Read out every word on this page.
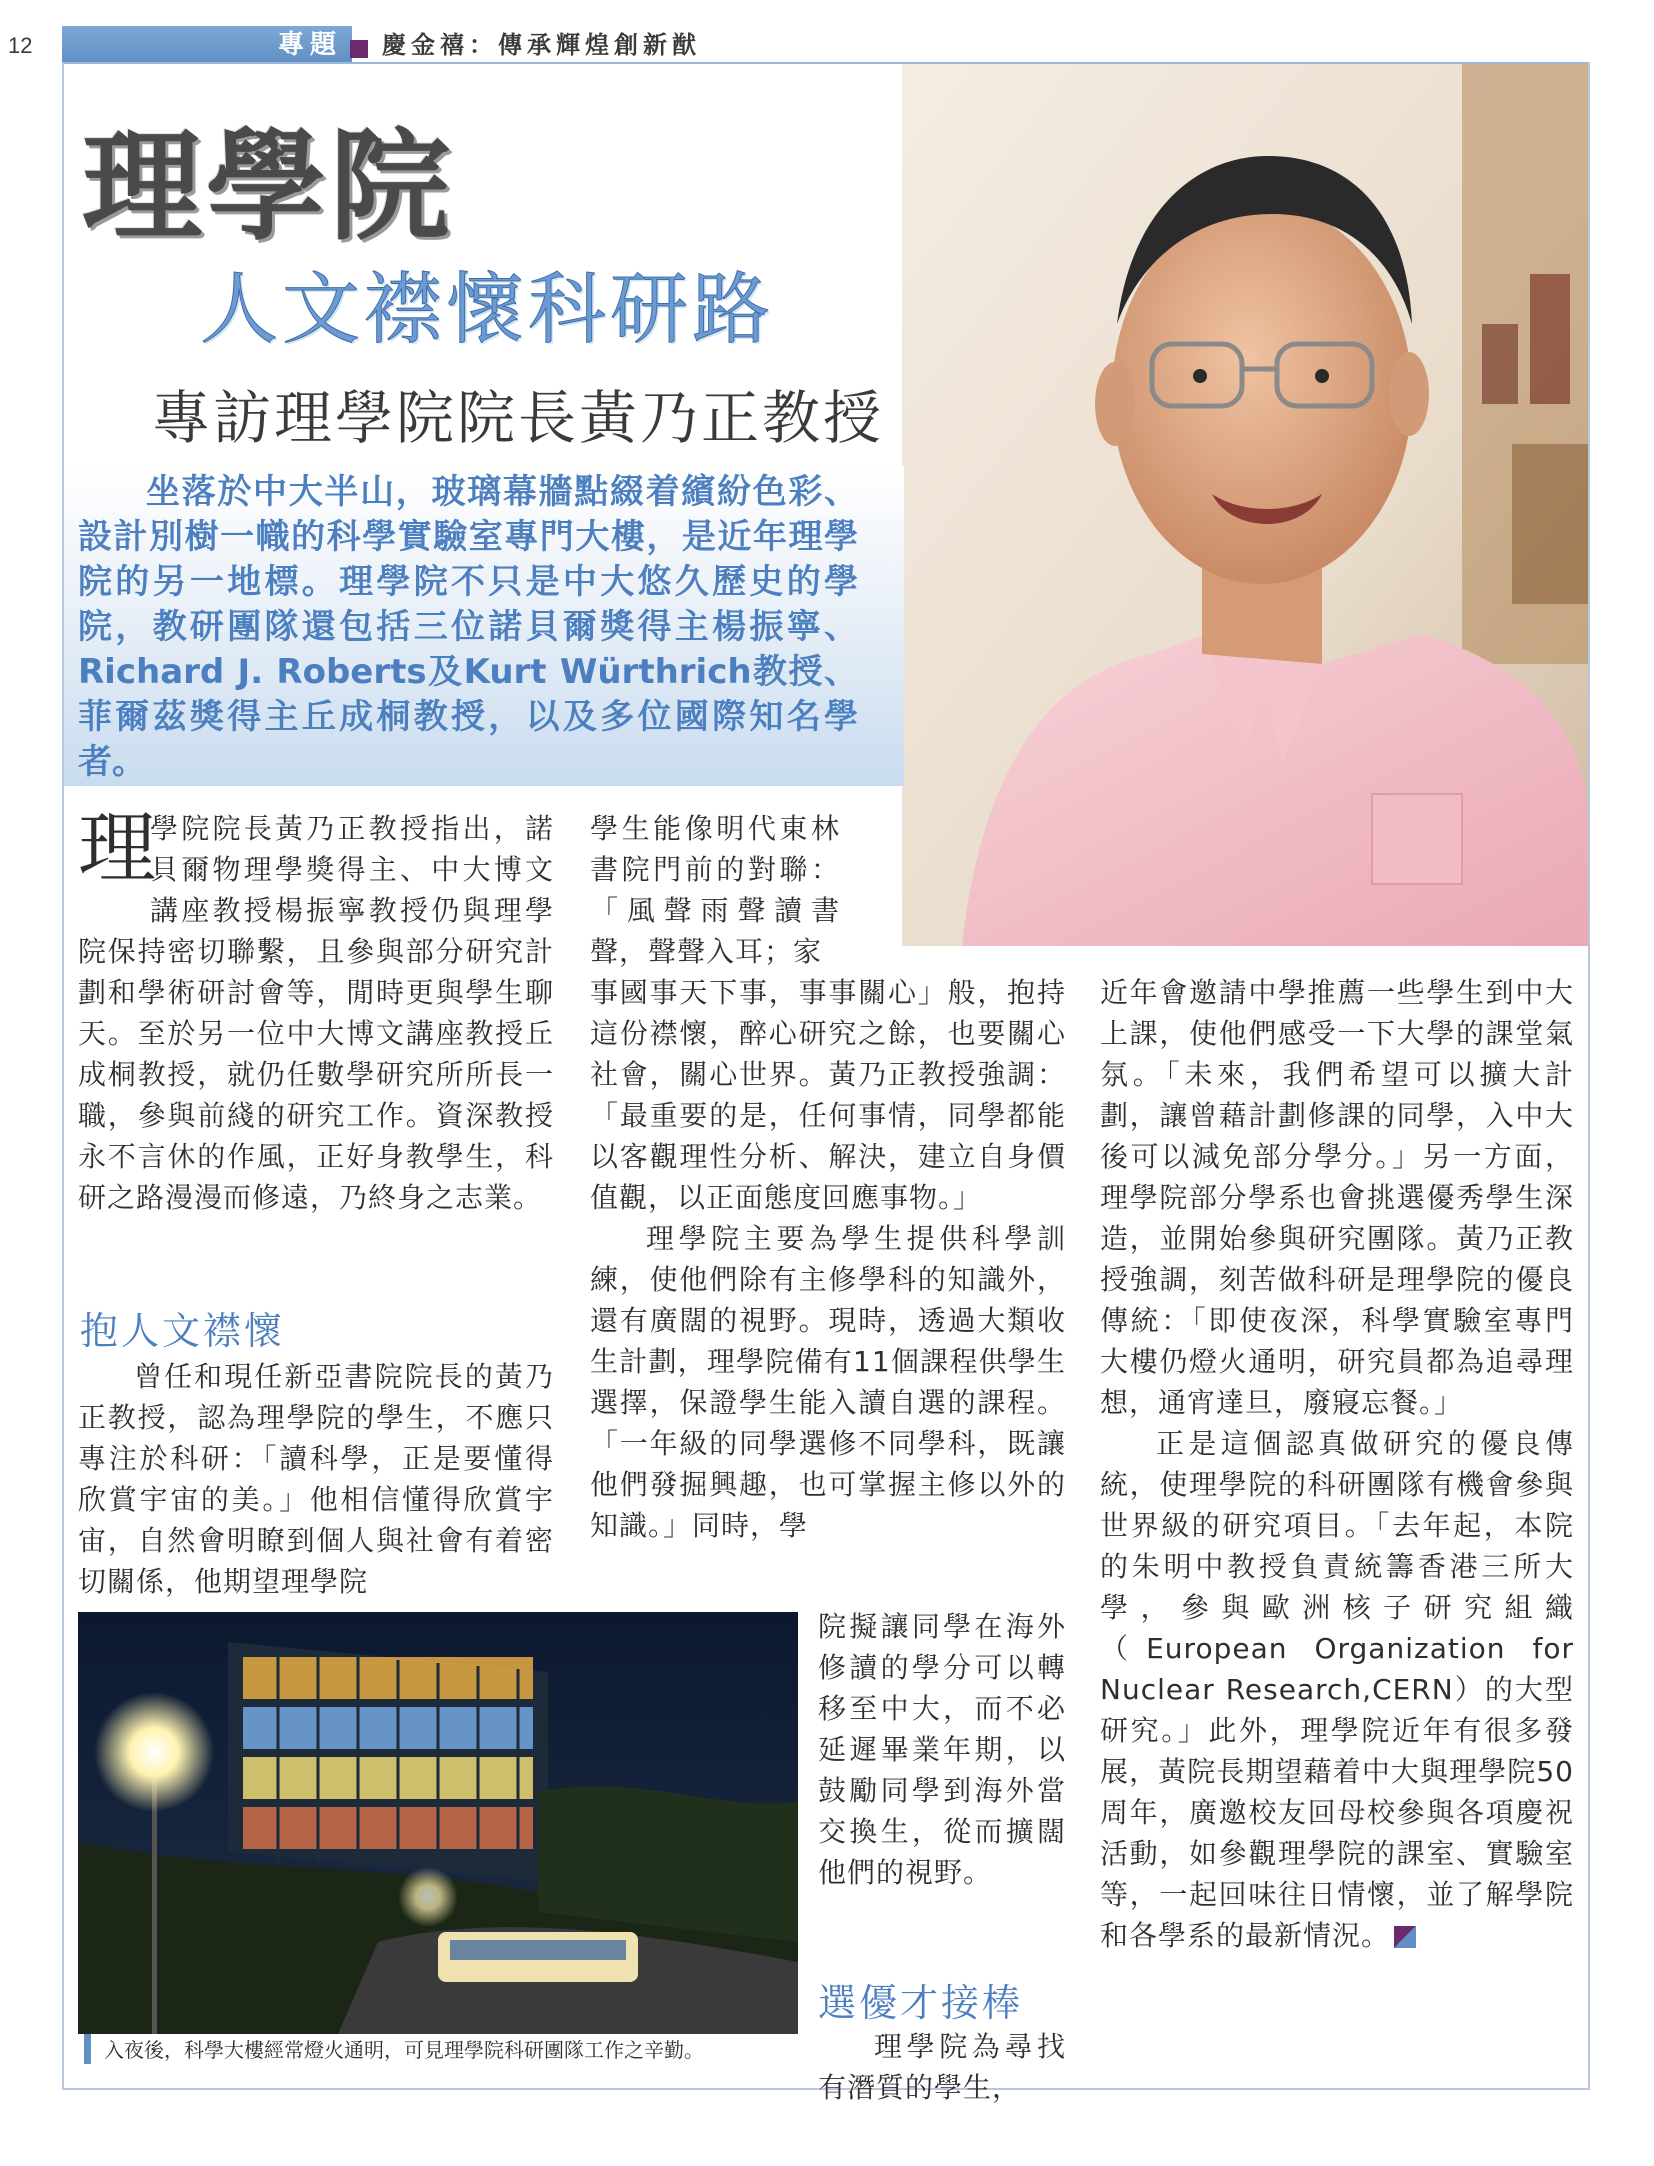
12	專題 慶金禧：傳承輝煌創新猷
理學院
人文襟懷科研路
專訪理學院院長黃乃正教授
坐落於中大半山，玻璃幕牆點綴着繽紛色彩、設計別樹一幟的科學實驗室專門大樓，是近年理學院的另一地標。理學院不只是中大悠久歷史的學院，教研團隊還包括三位諾貝爾獎得主楊振寧、Richard J. Roberts及Kurt Würthrich教授、菲爾茲獎得主丘成桐教授，以及多位國際知名學者。
理
學院院長黃乃正教授指出，諾貝爾物理學獎得主、中大博文講座教授楊振寧教授仍與理學院保持密切聯繫，且參與部分研究計劃和學術研討會等，閒時更與學生聊天。至於另一位中大博文講座教授丘成桐教授，就仍任數學研究所所長一職，參與前綫的研究工作。資深教授永不言休的作風，正好身教學生，科研之路漫漫而修遠，乃終身之志業。
抱人文襟懷
曾任和現任新亞書院院長的黃乃正教授，認為理學院的學生，不應只專注於科研：「讀科學，正是要懂得欣賞宇宙的美。」他相信懂得欣賞宇宙，自然會明瞭到個人與社會有着密切關係，他期望理學院
學生能像明代東林書院門前的對聯：「風聲雨聲讀書聲，聲聲入耳；家

事國事天下事，事事關心」般，抱持這份襟懷，醉心研究之餘，也要關心社會，關心世界。黃乃正教授強調：「最重要的是，任何事情，同學都能以客觀理性分析、解決，建立自身價值觀，以正面態度回應事物。」

理學院主要為學生提供科學訓練，使他們除有主修學科的知識外，還有廣闊的視野。現時，透過大類收生計劃，理學院備有11個課程供學生選擇，保證學生能入讀自選的課程。「一年級的同學選修不同學科，既讓他們發掘興趣，也可掌握主修以外的知識。」同時，學

院擬讓同學在海外修讀的學分可以轉移至中大，而不必延遲畢業年期，以鼓勵同學到海外當交換生，從而擴闊他們的視野。
選優才接棒
理學院為尋找有潛質的學生，

近年會邀請中學推薦一些學生到中大上課，使他們感受一下大學的課堂氣氛。「未來，我們希望可以擴大計劃，讓曾藉計劃修課的同學，入中大後可以減免部分學分。」另一方面，理學院部分學系也會挑選優秀學生深造，並開始參與研究團隊。黃乃正教授強調，刻苦做科研是理學院的優良傳統：「即使夜深，科學實驗室專門大樓仍燈火通明，研究員都為追尋理想，通宵達旦，廢寢忘餐。」

正是這個認真做研究的優良傳統，使理學院的科研團隊有機會參與世界級的研究項目。「去年起，本院的朱明中教授負責統籌香港三所大學，參與歐洲核子研究組織（European Organization for Nuclear Research,CERN）的大型研究。」此外，理學院近年有很多發展，黃院長期望藉着中大與理學院50周年，廣邀校友回母校參與各項慶祝活動，如參觀理學院的課室、實驗室等，一起回味往日情懷，並了解學院和各學系的最新情況。

入夜後，科學大樓經常燈火通明，可見理學院科研團隊工作之辛勤。
